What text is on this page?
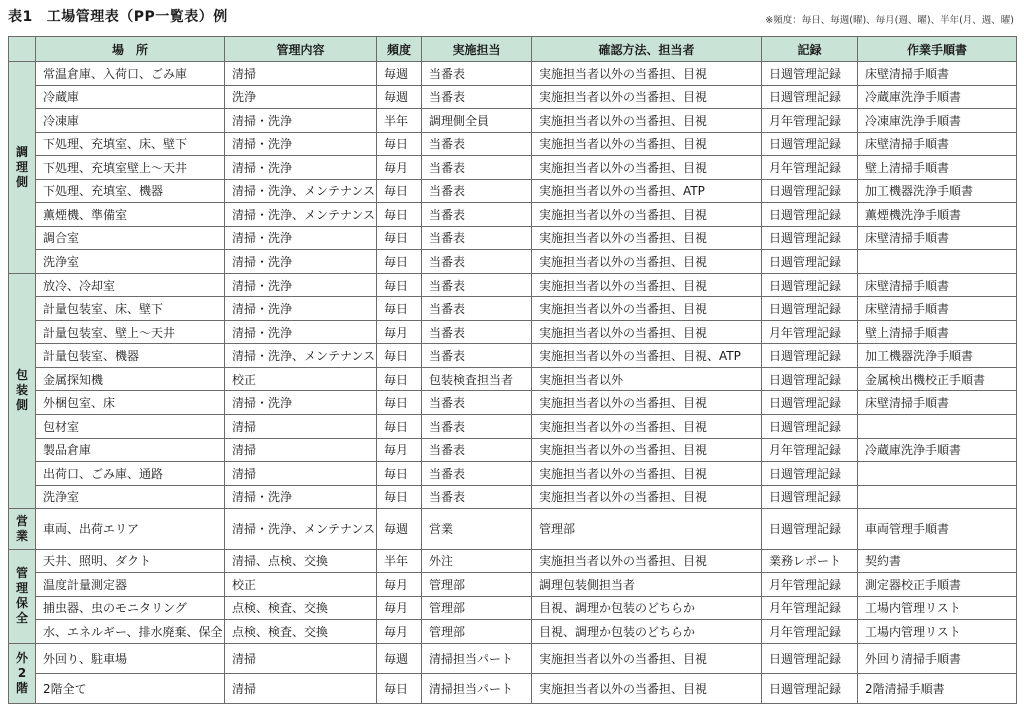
表1 工場管理表（PP一覧表）例	※頻度：毎日、毎週(曜)、毎月(週、曜)、半年(月、週、曜)
	場　所	管理内容	頻度	実施担当	確認方法、担当者	記録	作業手順書
調理側	常温倉庫、入荷口、ごみ庫	清掃	毎週	当番表	実施担当者以外の当番担、目視	日週管理記録	床壁清掃手順書
	冷蔵庫	洗浄	毎週	当番表	実施担当者以外の当番担、目視	日週管理記録	冷蔵庫洗浄手順書
	冷凍庫	清掃・洗浄	半年	調理側全員	実施担当者以外の当番担、目視	月年管理記録	冷凍庫洗浄手順書
	下処理、充填室、床、壁下	清掃・洗浄	毎日	当番表	実施担当者以外の当番担、目視	日週管理記録	床壁清掃手順書
	下処理、充填室壁上～天井	清掃・洗浄	毎月	当番表	実施担当者以外の当番担、目視	月年管理記録	壁上清掃手順書
	下処理、充填室、機器	清掃・洗浄、メンテナンス	毎日	当番表	実施担当者以外の当番担、ATP	日週管理記録	加工機器洗浄手順書
	薫煙機、準備室	清掃・洗浄、メンテナンス	毎日	当番表	実施担当者以外の当番担、目視	日週管理記録	薫煙機洗浄手順書
	調合室	清掃・洗浄	毎日	当番表	実施担当者以外の当番担、目視	日週管理記録	床壁清掃手順書
	洗浄室	清掃・洗浄	毎日	当番表	実施担当者以外の当番担、目視	日週管理記録	
包装側	放冷、冷却室	清掃・洗浄	毎日	当番表	実施担当者以外の当番担、目視	日週管理記録	床壁清掃手順書
	計量包装室、床、壁下	清掃・洗浄	毎日	当番表	実施担当者以外の当番担、目視	日週管理記録	床壁清掃手順書
	計量包装室、壁上～天井	清掃・洗浄	毎月	当番表	実施担当者以外の当番担、目視	月年管理記録	壁上清掃手順書
	計量包装室、機器	清掃・洗浄、メンテナンス	毎日	当番表	実施担当者以外の当番担、目視、ATP	日週管理記録	加工機器洗浄手順書
	金属探知機	校正	毎日	包装検査担当者	実施担当者以外	日週管理記録	金属検出機校正手順書
	外梱包室、床	清掃・洗浄	毎日	当番表	実施担当者以外の当番担、目視	日週管理記録	床壁清掃手順書
	包材室	清掃	毎日	当番表	実施担当者以外の当番担、目視	日週管理記録	
	製品倉庫	清掃	毎月	当番表	実施担当者以外の当番担、目視	月年管理記録	冷蔵庫洗浄手順書
	出荷口、ごみ庫、通路	清掃	毎日	当番表	実施担当者以外の当番担、目視	日週管理記録	
	洗浄室	清掃・洗浄	毎日	当番表	実施担当者以外の当番担、目視	日週管理記録	
営業	車両、出荷エリア	清掃・洗浄、メンテナンス	毎週	営業	管理部	日週管理記録	車両管理手順書
管理保全	天井、照明、ダクト	清掃、点検、交換	半年	外注	実施担当者以外の当番担、目視	業務レポート	契約書
	温度計量測定器	校正	毎月	管理部	調理包装側担当者	月年管理記録	測定器校正手順書
	捕虫器、虫のモニタリング	点検、検査、交換	毎月	管理部	目視、調理か包装のどちらか	月年管理記録	工場内管理リスト
	水、エネルギー、排水廃棄、保全	点検、検査、交換	毎月	管理部	目視、調理か包装のどちらか	月年管理記録	工場内管理リスト
外2階	外回り、駐車場	清掃	毎週	清掃担当パート	実施担当者以外の当番担、目視	日週管理記録	外回り清掃手順書
	2階全て	清掃	毎日	清掃担当パート	実施担当者以外の当番担、目視	日週管理記録	2階清掃手順書
